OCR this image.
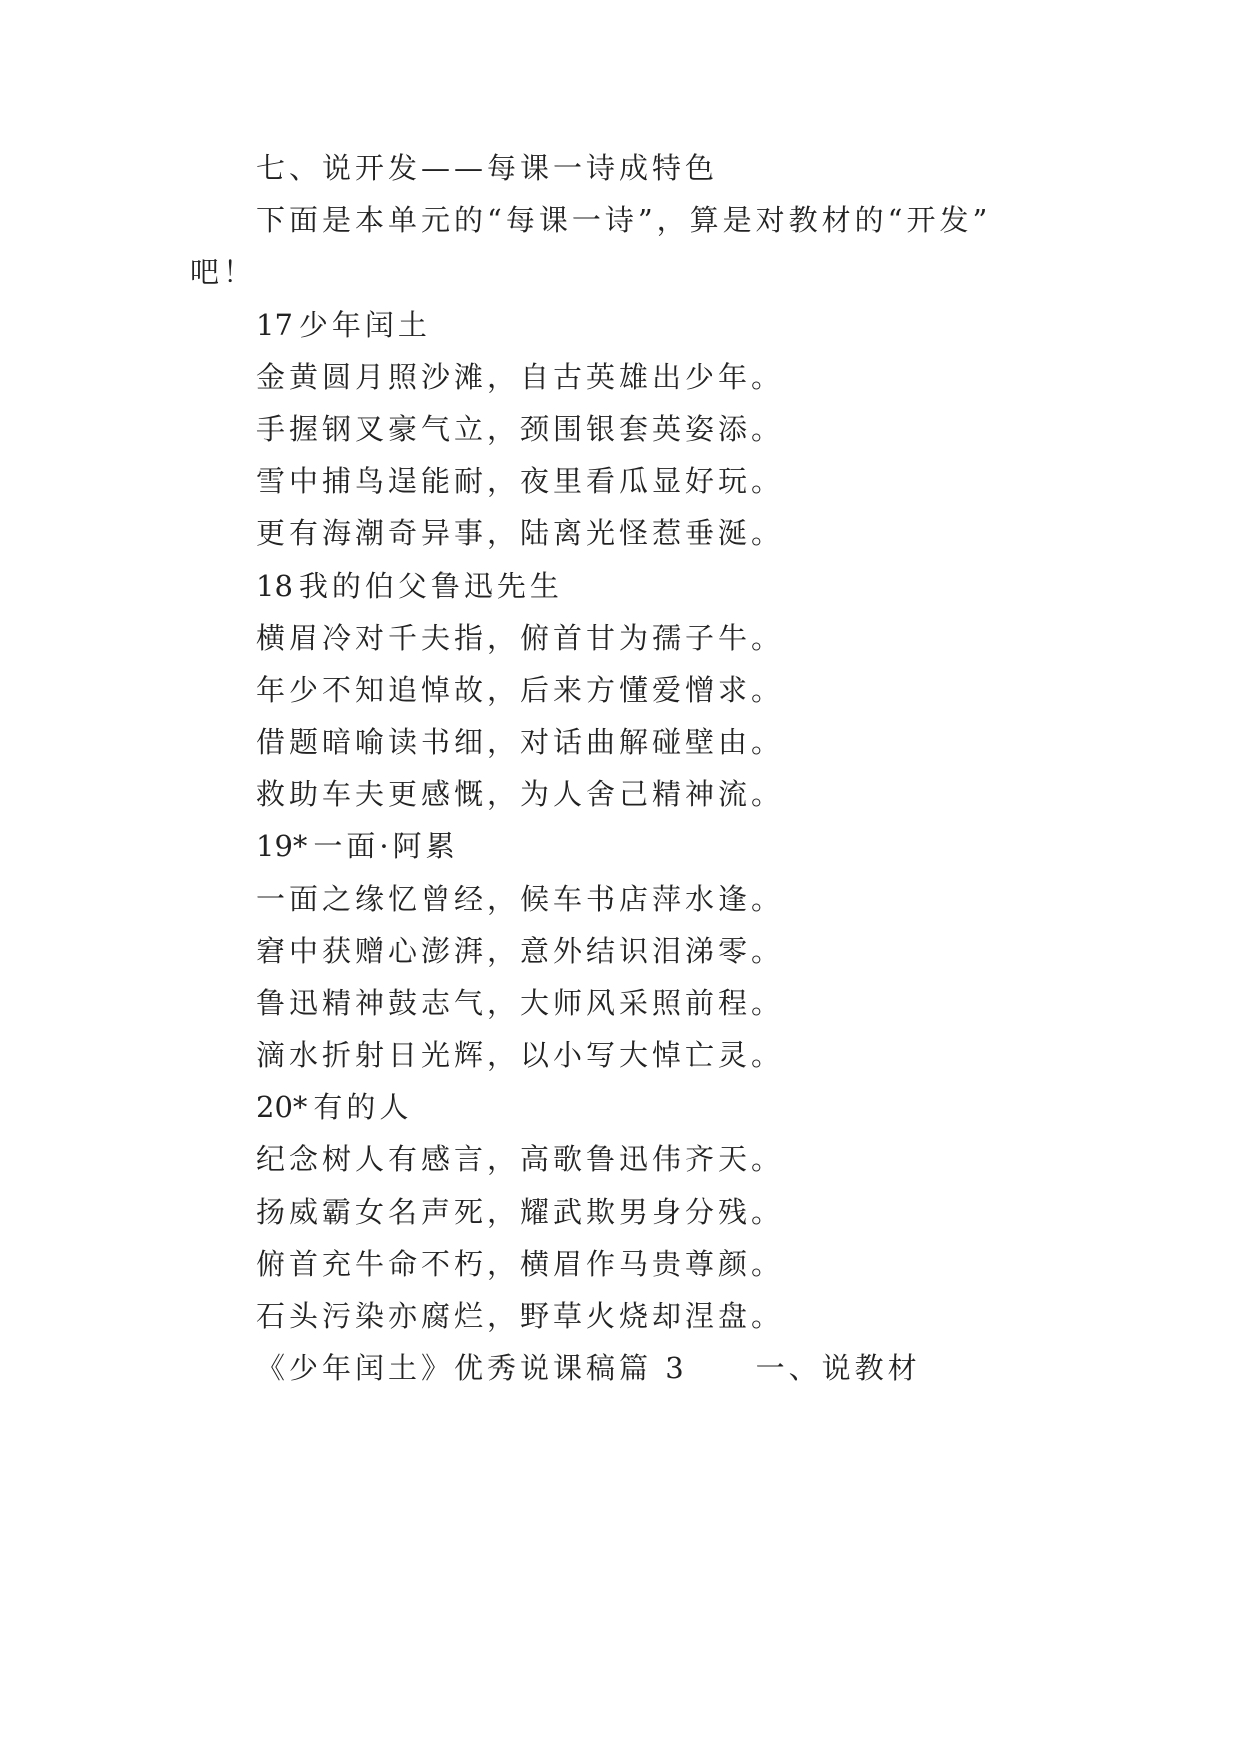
七、说开发——每课一诗成特色
下面是本单元的“每课一诗”，算是对教材的“开发”
吧！
17 少年闰土
金黄圆月照沙滩，自古英雄出少年。
手握钢叉豪气立，颈围银套英姿添。
雪中捕鸟逞能耐，夜里看瓜显好玩。
更有海潮奇异事，陆离光怪惹垂涎。
18 我的伯父鲁迅先生
横眉冷对千夫指，俯首甘为孺子牛。
年少不知追悼故，后来方懂爱憎求。
借题暗喻读书细，对话曲解碰壁由。
救助车夫更感慨，为人舍己精神流。
19* 一面·阿累
一面之缘忆曾经，候车书店萍水逢。
窘中获赠心澎湃，意外结识泪涕零。
鲁迅精神鼓志气，大师风采照前程。
滴水折射日光辉，以小写大悼亡灵。
20* 有的人
纪念树人有感言，高歌鲁迅伟齐天。
扬威霸女名声死，耀武欺男身分残。
俯首充牛命不朽，横眉作马贵尊颜。
石头污染亦腐烂，野草火烧却涅盘。
《少年闰土》优秀说课稿篇 3 一、说教材
